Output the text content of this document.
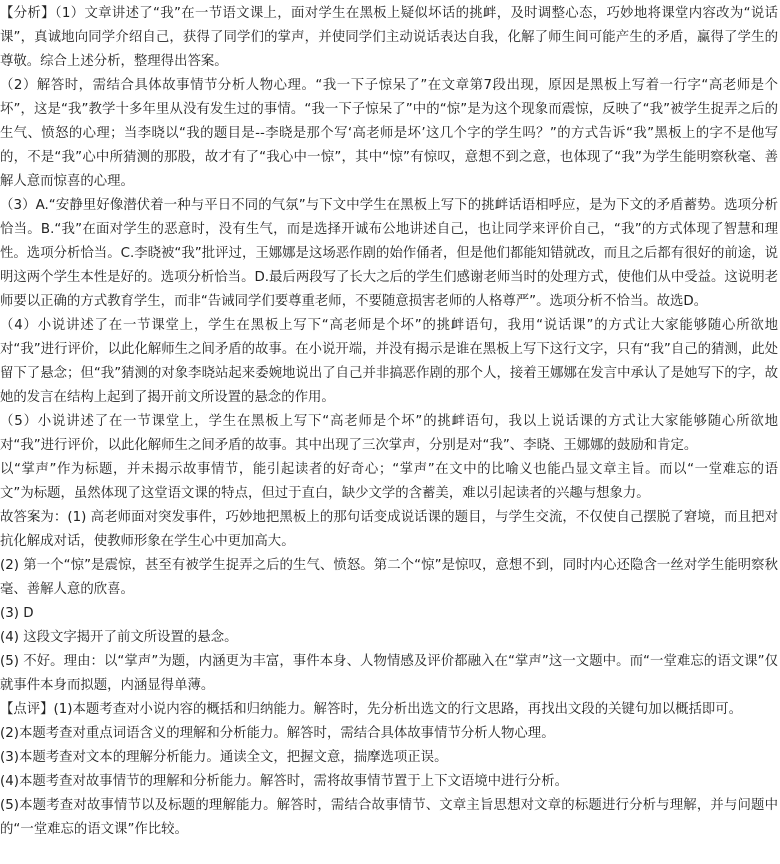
【分析】（1）文章讲述了“我”在一节语文课上，面对学生在黑板上疑似坏话的挑衅，及时调整心态，巧妙地将课堂内容改为“说话课”，真诚地向同学介绍自己，获得了同学们的掌声，并使同学们主动说话表达自我，化解了师生间可能产生的矛盾，赢得了学生的尊敬。综合上述分析，整理得出答案。

（2）解答时，需结合具体故事情节分析人物心理。“我一下子惊呆了”在文章第7段出现，原因是黑板上写着一行字“高老师是个坏”，这是“我”教学十多年里从没有发生过的事情。“我一下子惊呆了”中的“惊”是为这个现象而震惊，反映了“我”被学生捉弄之后的生气、愤怒的心理；当李晓以“我的题目是--李晓是那个写‘高老师是坏’这几个字的学生吗？”的方式告诉“我”黑板上的字不是他写的，不是“我”心中所猜测的那股，故才有了“我心中一惊”，其中“惊”有惊叹，意想不到之意，也体现了“我”为学生能明察秋毫、善解人意而惊喜的心理。

（3）A.“安静里好像潜伏着一种与平日不同的气氛”与下文中学生在黑板上写下的挑衅话语相呼应，是为下文的矛盾蓄势。选项分析恰当。B.“我”在面对学生的恶意时，没有生气，而是选择开诚布公地讲述自己，也让同学来评价自己，“我”的方式体现了智慧和理性。选项分析恰当。C.李晓被“我”批评过，王娜娜是这场恶作剧的始作俑者，但是他们都能知错就改，而且之后都有很好的前途，说明这两个学生本性是好的。选项分析恰当。D.最后两段写了长大之后的学生们感谢老师当时的处理方式，使他们从中受益。这说明老师要以正确的方式教育学生，而非“告诫同学们要尊重老师，不要随意损害老师的人格尊严”。选项分析不恰当。故选D。

（4）小说讲述了在一节课堂上，学生在黑板上写下“高老师是个坏”的挑衅语句，我用“说话课”的方式让大家能够随心所欲地对“我”进行评价，以此化解师生之间矛盾的故事。在小说开端，并没有揭示是谁在黑板上写下这行文字，只有“我”自己的猜测，此处留下了悬念；但“我”猜测的对象李晓站起来委婉地说出了自己并非搞恶作剧的那个人，接着王娜娜在发言中承认了是她写下的字，故她的发言在结构上起到了揭开前文所设置的悬念的作用。

（5）小说讲述了在一节课堂上，学生在黑板上写下“高老师是个坏”的挑衅语句，我以上说话课的方式让大家能够随心所欲地对“我”进行评价，以此化解师生之间矛盾的故事。其中出现了三次掌声，分别是对“我”、李晓、王娜娜的鼓励和肯定。

以“掌声”作为标题，并未揭示故事情节，能引起读者的好奇心；“掌声”在文中的比喻义也能凸显文章主旨。而以“一堂难忘的语文”为标题，虽然体现了这堂语文课的特点，但过于直白，缺少文学的含蓄美，难以引起读者的兴趣与想象力。

故答案为：(1) 高老师面对突发事件，巧妙地把黑板上的那句话变成说话课的题目，与学生交流，不仅使自己摆脱了窘境，而且把对抗化解成对话，使教师形象在学生心中更加高大。

(2) 第一个“惊”是震惊，甚至有被学生捉弄之后的生气、愤怒。第二个“惊”是惊叹，意想不到，同时内心还隐含一丝对学生能明察秋毫、善解人意的欣喜。

(3) D

(4) 这段文字揭开了前文所设置的悬念。

(5) 不好。理由：以“掌声”为题，内涵更为丰富，事件本身、人物情感及评价都融入在“掌声”这一文题中。而“一堂难忘的语文课”仅就事件本身而拟题，内涵显得单薄。

【点评】(1)本题考查对小说内容的概括和归纳能力。解答时，先分析出选文的行文思路，再找出文段的关键句加以概括即可。

(2)本题考查对重点词语含义的理解和分析能力。解答时，需结合具体故事情节分析人物心理。

(3)本题考查对文本的理解分析能力。通读全文，把握文意，揣摩选项正误。

(4)本题考查对故事情节的理解和分析能力。解答时，需将故事情节置于上下文语境中进行分析。

(5)本题考查对故事情节以及标题的理解能力。解答时，需结合故事情节、文章主旨思想对文章的标题进行分析与理解，并与问题中的“一堂难忘的语文课”作比较。
